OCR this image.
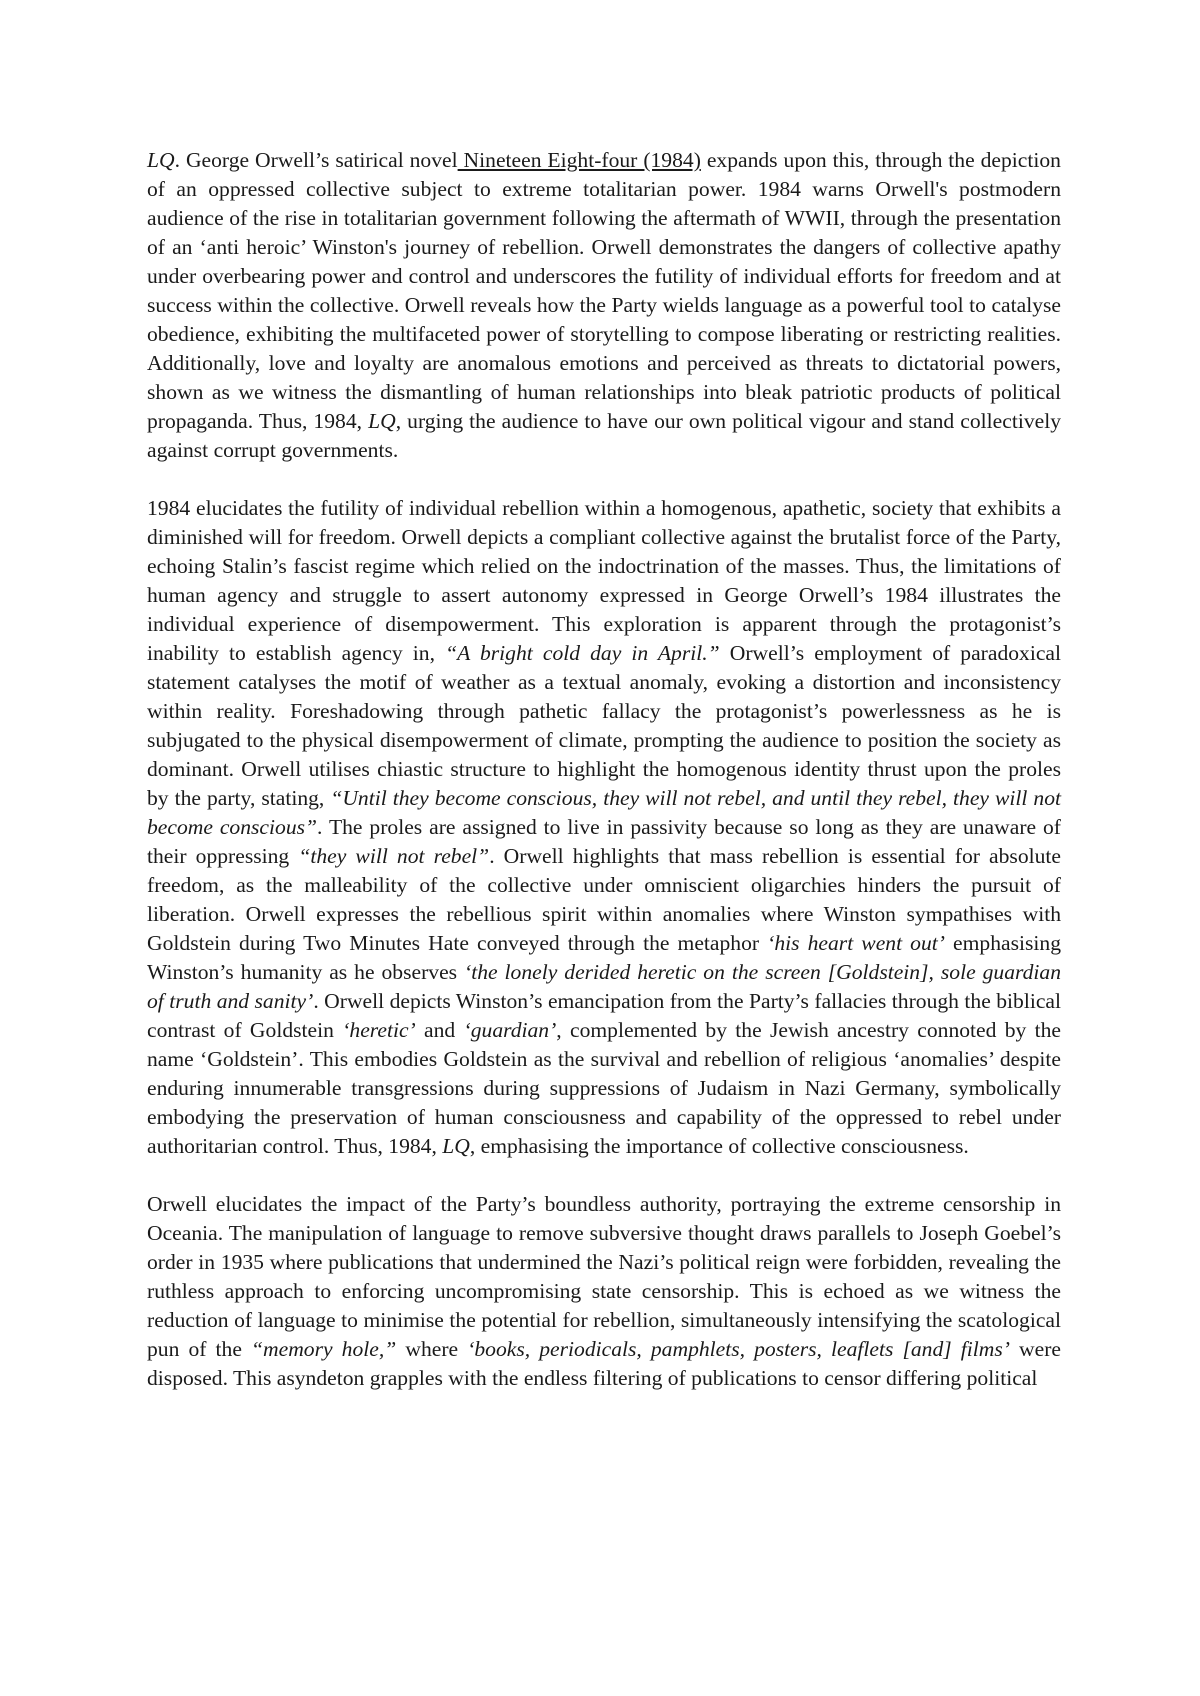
LQ. George Orwell’s satirical novel Nineteen Eight-four (1984) expands upon this, through the depiction of an oppressed collective subject to extreme totalitarian power. 1984 warns Orwell's postmodern audience of the rise in totalitarian government following the aftermath of WWII, through the presentation of an ‘anti heroic’ Winston's journey of rebellion. Orwell demonstrates the dangers of collective apathy under overbearing power and control and underscores the futility of individual efforts for freedom and at success within the collective. Orwell reveals how the Party wields language as a powerful tool to catalyse obedience, exhibiting the multifaceted power of storytelling to compose liberating or restricting realities. Additionally, love and loyalty are anomalous emotions and perceived as threats to dictatorial powers, shown as we witness the dismantling of human relationships into bleak patriotic products of political propaganda. Thus, 1984, LQ, urging the audience to have our own political vigour and stand collectively against corrupt governments.

1984 elucidates the futility of individual rebellion within a homogenous, apathetic, society that exhibits a diminished will for freedom. Orwell depicts a compliant collective against the brutalist force of the Party, echoing Stalin’s fascist regime which relied on the indoctrination of the masses. Thus, the limitations of human agency and struggle to assert autonomy expressed in George Orwell’s 1984 illustrates the individual experience of disempowerment. This exploration is apparent through the protagonist’s inability to establish agency in, “A bright cold day in April.” Orwell’s employment of paradoxical statement catalyses the motif of weather as a textual anomaly, evoking a distortion and inconsistency within reality. Foreshadowing through pathetic fallacy the protagonist’s powerlessness as he is subjugated to the physical disempowerment of climate, prompting the audience to position the society as dominant. Orwell utilises chiastic structure to highlight the homogenous identity thrust upon the proles by the party, stating, “Until they become conscious, they will not rebel, and until they rebel, they will not become conscious”. The proles are assigned to live in passivity because so long as they are unaware of their oppressing “they will not rebel”. Orwell highlights that mass rebellion is essential for absolute freedom, as the malleability of the collective under omniscient oligarchies hinders the pursuit of liberation. Orwell expresses the rebellious spirit within anomalies where Winston sympathises with Goldstein during Two Minutes Hate conveyed through the metaphor ‘his heart went out’ emphasising Winston’s humanity as he observes ‘the lonely derided heretic on the screen [Goldstein], sole guardian of truth and sanity’. Orwell depicts Winston’s emancipation from the Party’s fallacies through the biblical contrast of Goldstein ‘heretic’ and ‘guardian’, complemented by the Jewish ancestry connoted by the name ‘Goldstein’. This embodies Goldstein as the survival and rebellion of religious ‘anomalies’ despite enduring innumerable transgressions during suppressions of Judaism in Nazi Germany, symbolically embodying the preservation of human consciousness and capability of the oppressed to rebel under authoritarian control. Thus, 1984, LQ, emphasising the importance of collective consciousness.

Orwell elucidates the impact of the Party’s boundless authority, portraying the extreme censorship in Oceania. The manipulation of language to remove subversive thought draws parallels to Joseph Goebel’s order in 1935 where publications that undermined the Nazi’s political reign were forbidden, revealing the ruthless approach to enforcing uncompromising state censorship. This is echoed as we witness the reduction of language to minimise the potential for rebellion, simultaneously intensifying the scatological pun of the “memory hole,” where ‘books, periodicals, pamphlets, posters, leaflets [and] films’ were disposed. This asyndeton grapples with the endless filtering of publications to censor differing political
